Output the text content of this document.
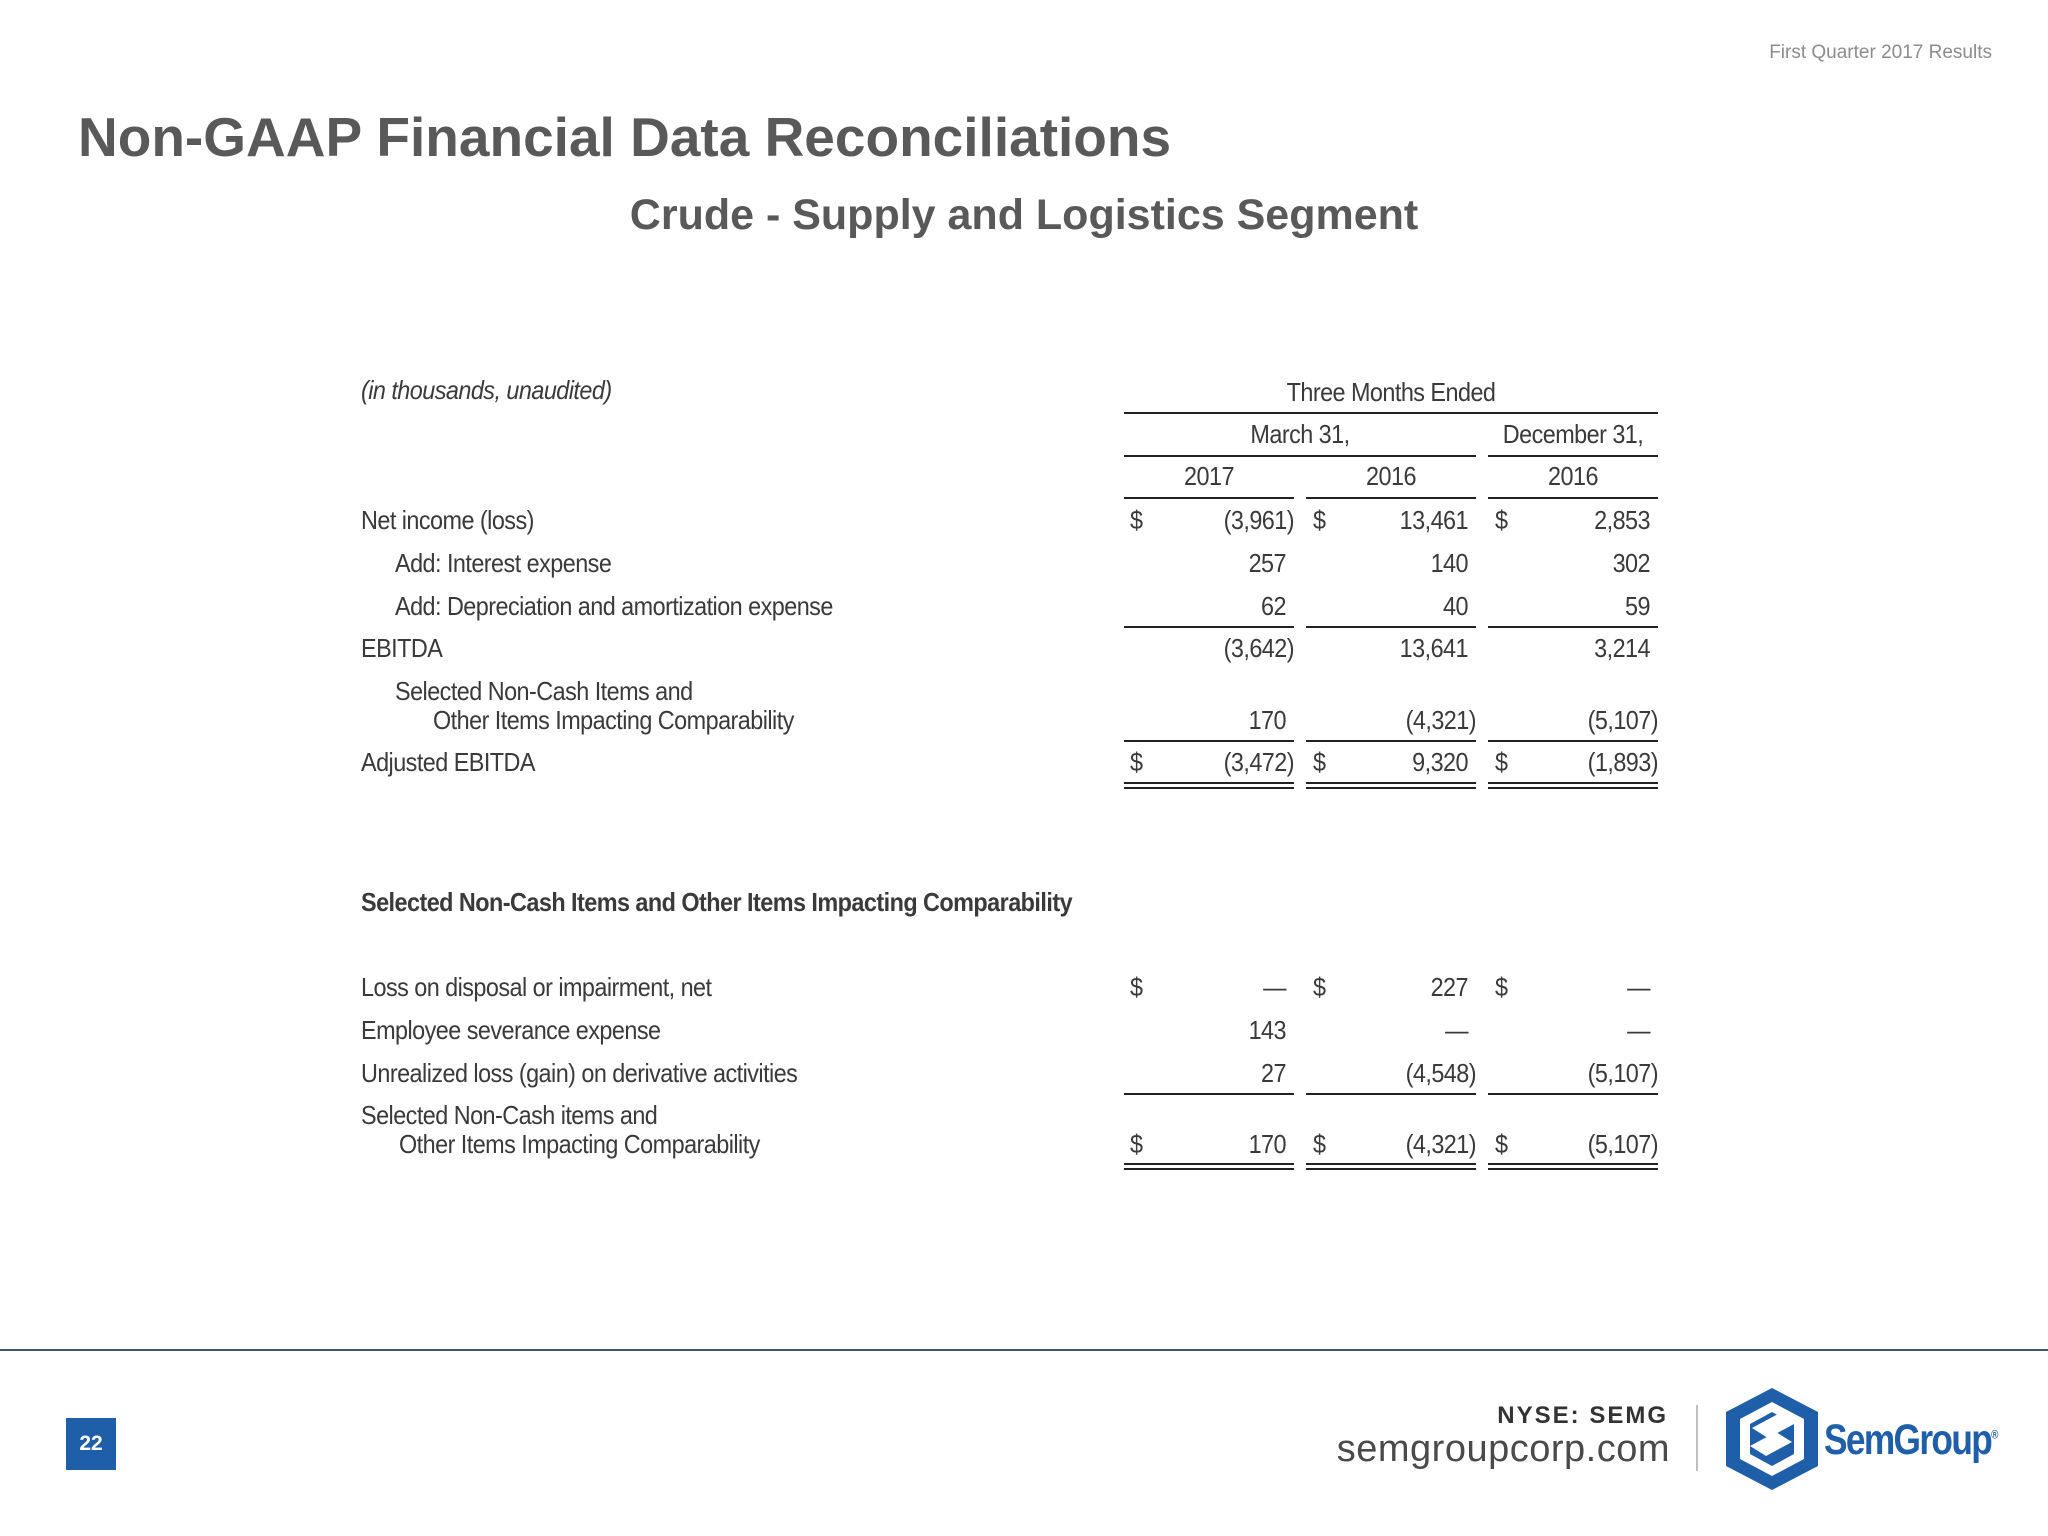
First Quarter 2017 Results
Non-GAAP Financial Data Reconciliations
Crude - Supply and Logistics Segment
(in thousands, unaudited)	Three Months Ended
March 31,	December 31,
2017	2016	2016
Net income (loss)	$	(3,961) $	13,461 $	2,853
Add: Interest expense	257	140	302
Add: Depreciation and amortization expense	62	40	59
EBITDA	(3,642)	13,641	3,214
Selected Non-Cash Items and
Other Items Impacting Comparability	170	(4,321)	(5,107)
Adjusted EBITDA	$	(3,472) $	9,320 $	(1,893)
Selected Non-Cash Items and Other Items Impacting Comparability
Loss on disposal or impairment, net	$	— $	227 $	—
Employee severance expense	143	—	—
Unrealized loss (gain) on derivative activities	27	(4,548)	(5,107)
Selected Non-Cash items and
Other Items Impacting Comparability	$	170 $	(4,321) $	(5,107)
22
NYSE: SEMG
semgroupcorp.com	SemGroup®
